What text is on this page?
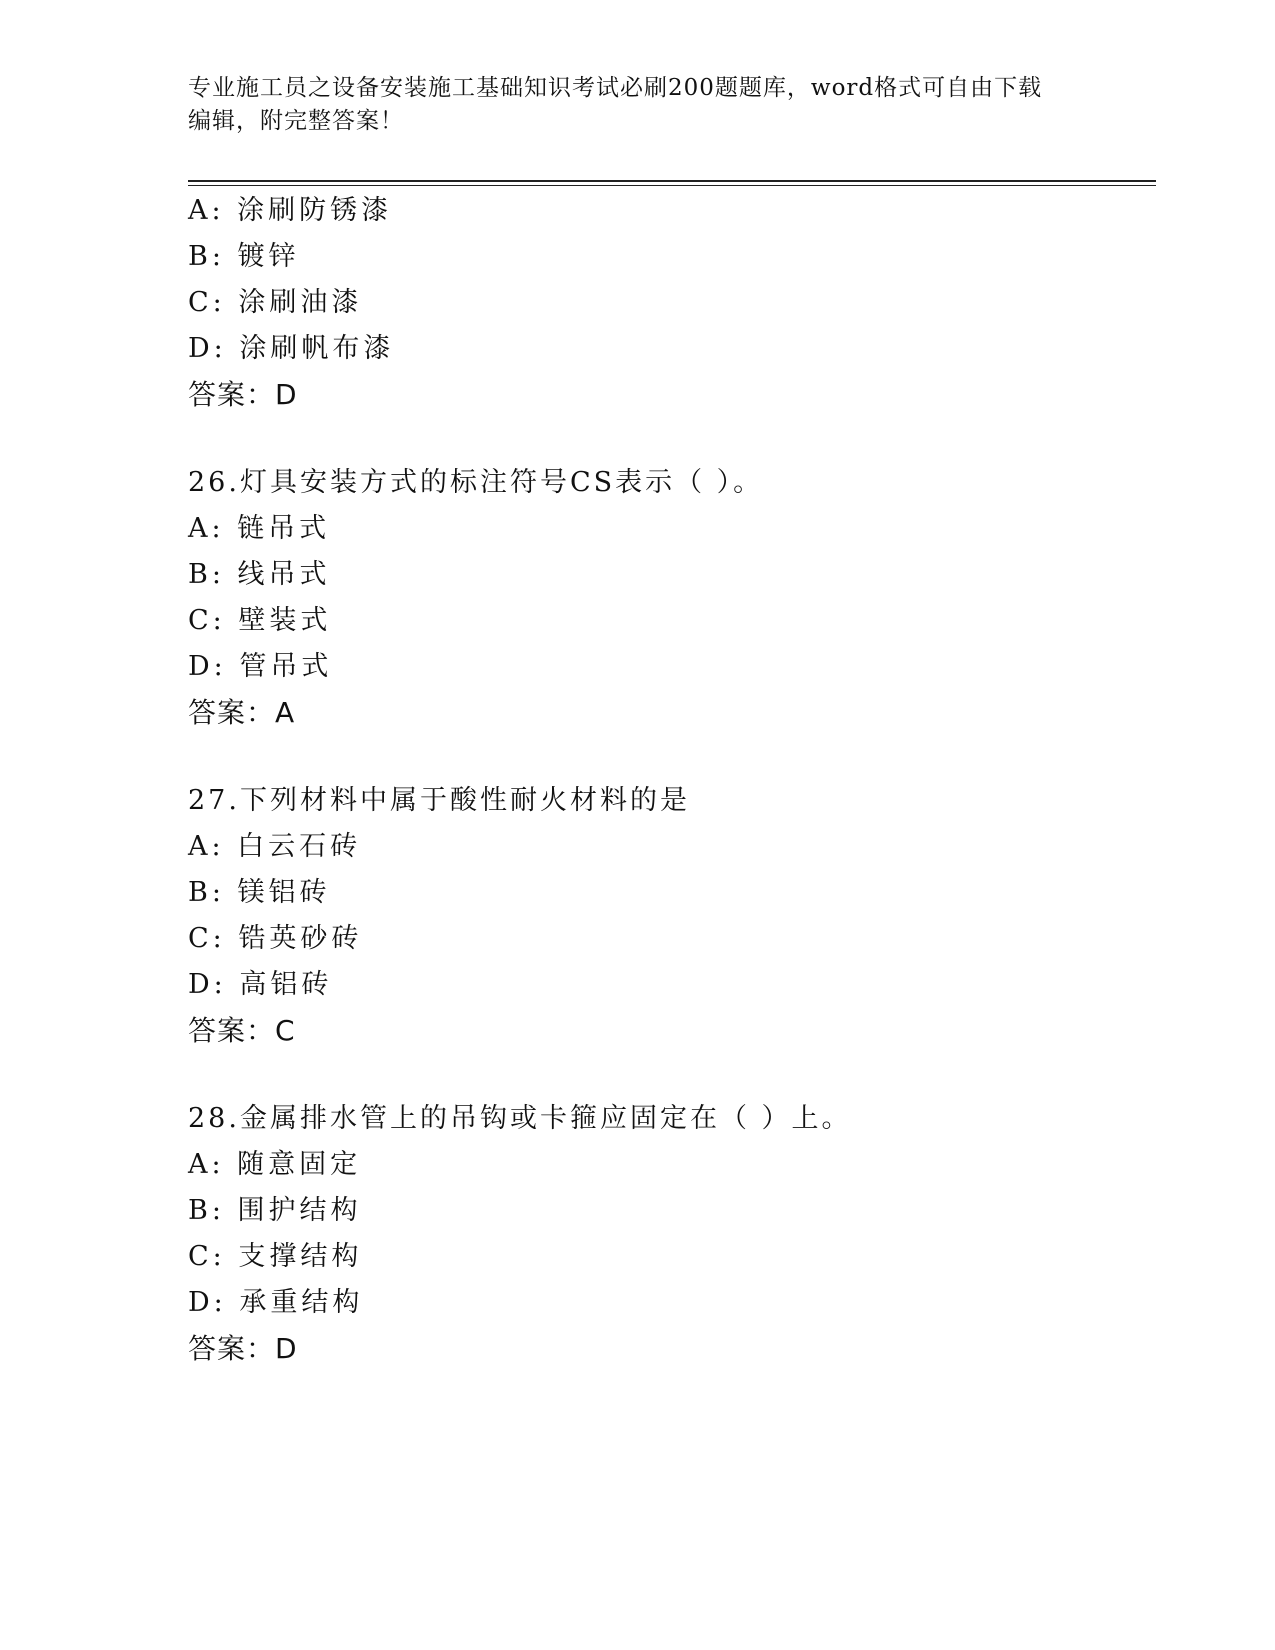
专业施工员之设备安装施工基础知识考试必刷200题题库，word格式可自由下载
编辑，附完整答案！
A: 涂刷防锈漆
B: 镀锌
C: 涂刷油漆
D: 涂刷帆布漆
答案：D
26.灯具安装方式的标注符号CS表示（ ）。
A: 链吊式
B: 线吊式
C: 壁装式
D: 管吊式
答案：A
27.下列材料中属于酸性耐火材料的是
A: 白云石砖
B: 镁铝砖
C: 锆英砂砖
D: 高铝砖
答案：C
28.金属排水管上的吊钩或卡箍应固定在（ ）上。
A: 随意固定
B: 围护结构
C: 支撑结构
D: 承重结构
答案：D
